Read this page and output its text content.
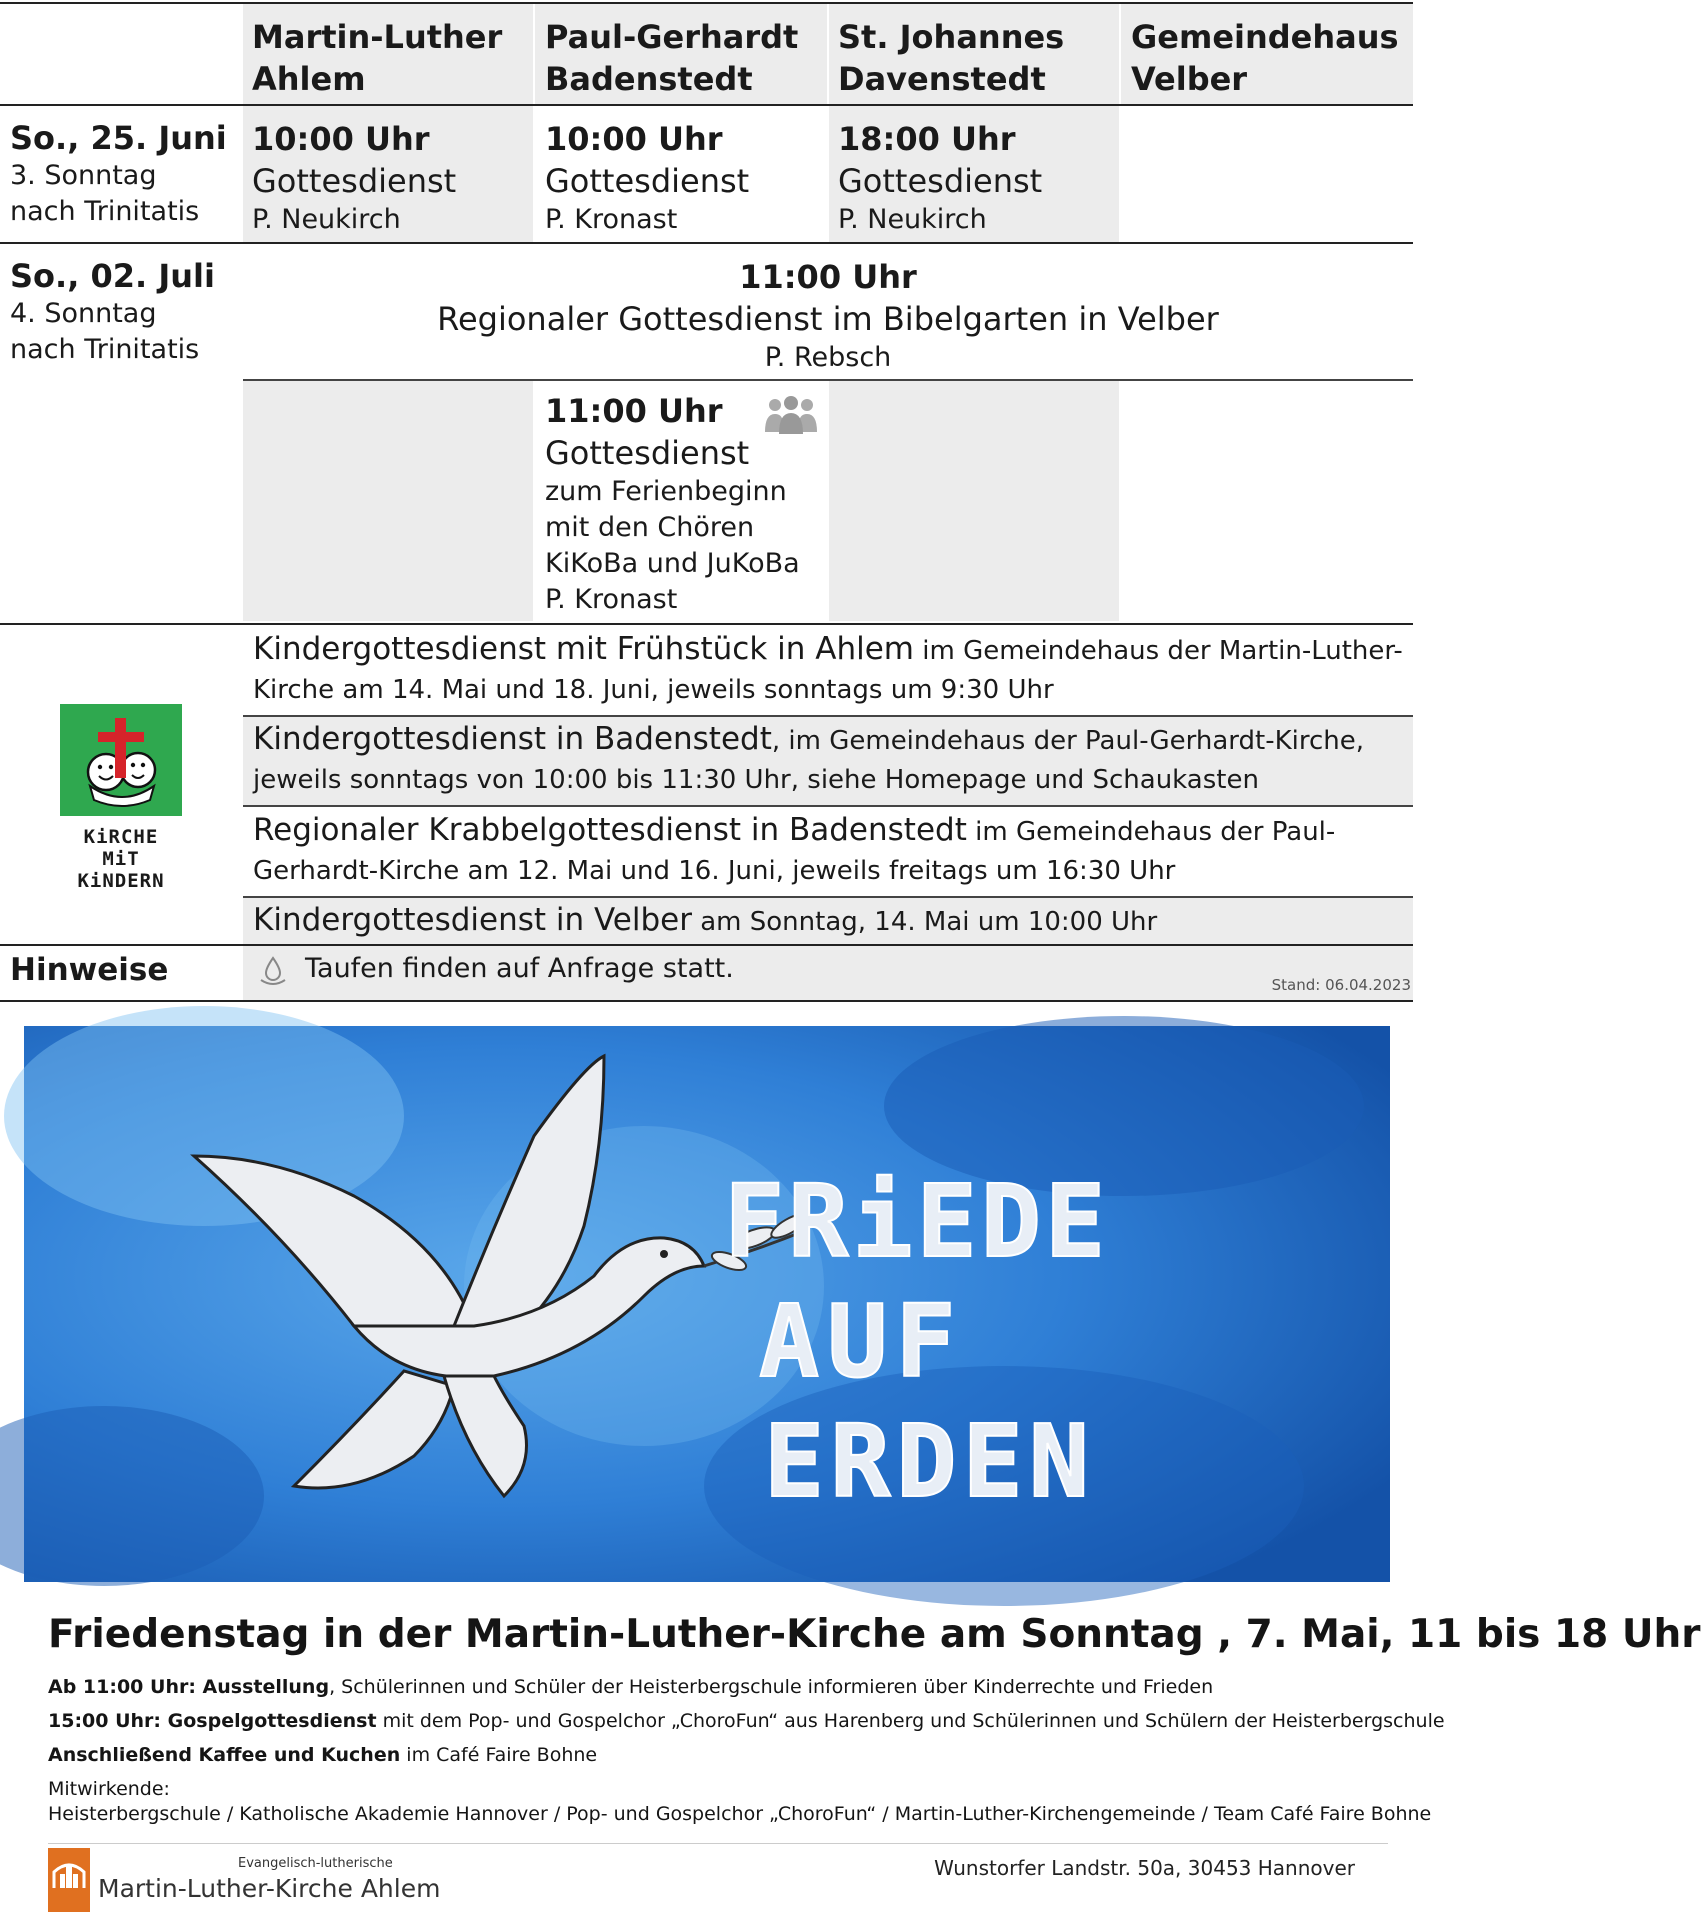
Martin-Luther
Ahlem
Paul-Gerhardt
Badenstedt
St. Johannes
Davenstedt
Gemeindehaus
Velber
So., 25. Juni
3. Sonntag
nach Trinitatis
10:00 Uhr
Gottesdienst
P. Neukirch
10:00 Uhr
Gottesdienst
P. Kronast
18:00 Uhr
Gottesdienst
P. Neukirch
So., 02. Juli
4. Sonntag
nach Trinitatis
11:00 Uhr
Regionaler Gottesdienst im Bibelgarten in Velber
P. Rebsch
11:00 Uhr
Gottesdienst
zum Ferienbeginn
mit den Chören
KiKoBa und JuKoBa
P. Kronast
KiRCHE MiT
KiNDERN
Kindergottesdienst mit Frühstück in Ahlem im Gemeindehaus der Martin-Luther-
Kirche am 14. Mai und 18. Juni, jeweils sonntags um 9:30 Uhr
Kindergottesdienst in Badenstedt, im Gemeindehaus der Paul-Gerhardt-Kirche,
jeweils sonntags von 10:00 bis 11:30 Uhr, siehe Homepage und Schaukasten
Regionaler Krabbelgottesdienst in Badenstedt im Gemeindehaus der Paul-
Gerhardt-Kirche am 12. Mai und 16. Juni, jeweils freitags um 16:30 Uhr
Kindergottesdienst in Velber am Sonntag, 14. Mai um 10:00 Uhr
Hinweise	Taufen finden auf Anfrage statt.
Stand: 06.04.2023
FRiEDE
AUF
ERDEN
Friedenstag in der Martin-Luther-Kirche am Sonntag , 7. Mai, 11 bis 18 Uhr
Ab 11:00 Uhr: Ausstellung, Schülerinnen und Schüler der Heisterbergschule informieren über Kinderrechte und Frieden
15:00 Uhr: Gospelgottesdienst mit dem Pop- und Gospelchor „ChoroFun“ aus Harenberg und Schülerinnen und Schülern der Heisterbergschule
Anschließend Kaffee und Kuchen im Café Faire Bohne
Mitwirkende:
Heisterbergschule / Katholische Akademie Hannover / Pop- und Gospelchor „ChoroFun“ / Martin-Luther-Kirchengemeinde / Team Café Faire Bohne
Evangelisch-lutherische
Martin-Luther-Kirche Ahlem
Wunstorfer Landstr. 50a, 30453 Hannover
